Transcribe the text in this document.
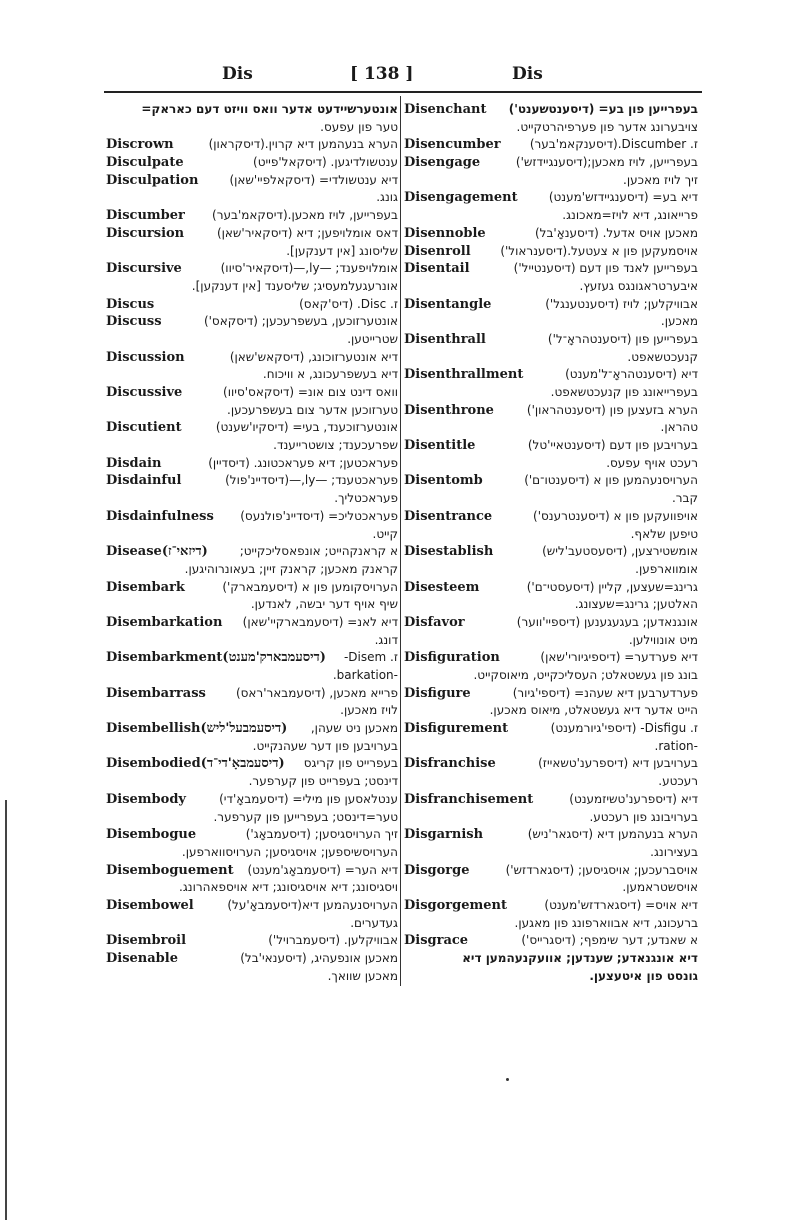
Dis	[ 138 ]	Dis
אונטערשיידעט אדער וואס וויזט דעם כאראק=
טער פון עפעס.
הערא בנעהמען דיא קרוין.(דיסקראון)
Discrown
ענטשולדיגען. (דיסקאל'פייט)
Disculpate
דיא ענטשולדי= (דיסקאלפיי'שאן)
Disculpation
גונג.
בעפרייען, לויז מאכען.(דיסקאמ'בער)
Discumber
דאס אומלויפען; דיא (דיסקאיר'שאן)
Discursion
שליסונג [אין דענקען].
אומלויפענד; —ly,—(דיסקאיר'סיוו)
Discursive
אונרעגעלמעסיג; שליסענד [אין דענקען].
ז. Disc. (דיס'קאס)
Discus
אונטערזוכען, בעשפרעכען; (דיסקאס')
Discuss
שטרייטען.
דיא אונטערזוכונג, (דיסקאש'שאן)
Discussion
דיא בעשפרעכונג, א וויכוח.
וואס דינט צום אונ= (דיסקאס'סיוו)
Discussive
טערזוכען אדער צום בעשפרעכען.
אונטערזוכענד, בעי= (דיסקיו'שענט)
Discutient
שפרעכענד; צושטרייענד.
פעראכטען; דיא פעראכטונג. (דיסדיין)
Disdain
פעראכטענד; —ly,—(דיסדיינ'פול)
Disdainful
פעראכטליך.
פעראכטליכ= (דיסדיינ'פולנעס)
Disdainfulness
קייט.
א קראנקהייט; אונפאסליכקייט;
Disease(דיזאי־ז)
קראנק מאכען; קראנק זיין; בעאונרוהיגען.
הערויסקומען פון א (דיסעמבארק')
Disembark
שיף אויף דער יבשה, לאנדען.
דיא לאנ= (דיסעמבארקיי'שאן)
Disembarkation
דונג.
ז. Disem-
Disembarkment(דיסעמבארק'מענט)
-barkation.
פרייא מאכען, (דיסעמבאר'ראס)
Disembarrass
לויז מאכען.
מאכען ניט שעהן,
Disembellish(דיסעמבעל'ליש)
בערויבען פון דער שעהנקייט.
בעפרייט פון קריגס
Disembodied(דיסעמבאָ'די־ד)
דינסט; בעפרייט פון קערפער.
ענטלאסען פון מילי= (דיסעמבאָ'די)
Disembody
טער=דינסט; בעפרייען פון קערפער.
זיך הערויסגיסען; (דיסעמבאָג')
Disembogue
הערויסשיספען; אויסגיסען; הערויסווארפען.
דיא הער= (דיסעמבאָג'מענט)
Disemboguement
ויסגיסונג; דיא אויסגיסונג; דיא אויספאהרונג.
הערויסנעהמען דיא(דיסעמבאָ'על)
Disembowel
געדערים.
אבוויקלען. (דיסעמברויל')
Disembroil
מאכען אונפעהיג, (דיסענאי'בל)
Disenable
מאכען שוואך.
בעפרייען פון בע= (דיסענטשענט')
Disenchant
צויבערונג אדער פון פערפיהרטקייט.
ז. Discumber.(דיסענקאמ'בער)
Disencumber
בעפרייען, לויז מאכען;(דיסענגיידזש')
Disengage
זיך לויז מאכען.
דיא בע= (דיסענגיידזש'מענט)
Disengagement
פרייאונג, דיא לויז=מאכונג.
מאכען אויס אדעל. (דיסענאָ'בל)
Disennoble
אויסמעקען פון א צעטעל.(דיסענראול')
Disenroll
בעפרייען לאנד פון דעם (דיסענטייל')
Disentail
איבערטראגונגס געזעץ.
אבוויקלען; לויז (דיסענטענגל')
Disentangle
מאכען.
בעפרייען פון (דיסענטהראָ־ל')
Disenthrall
קנעכטשאפט.
דיא (דיסענטהראָ־ל'מענט)
Disenthrallment
בעפרייאונג פון קנעכטשאפט.
הערא בזעצען פון (דיסענטהראון')
Disenthrone
טהראן.
בערויבען פון דעם (דיסענטאיי'טל)
Disentitle
רעכט אויף עפעס.
הערויסנעהמען פון א (דיסענטו־ם')
Disentomb
קבר.
אויפוועקען פון א (דיסענטרענס')
Disentrance
טיפען שלאף.
אומשטירצען, (דיסעסטעב'ליש)
Disestablish
אומווארפען.
גרינג=שעצען, קליין (דיסעסטי־ם')
Disesteem
האלטען; גרינג=שעצונג.
אונגנאדען; בעגעגענען (דיספיי'ווער)
Disfavor
מיט אונווילען.
דיא פערדער= (דיספיגיורי'שאן)
Disfiguration
בונג פון געשטאלט; העסליכקייט, מיאוסקייט.
פערדערבען דיא שעהנ= (דיספי'גיור)
Disfigure
הייט אדער דיא געשטאלט, מיאוס מאכען.
ז. Disfigu- (דיספי'גיורמענט)
Disfigurement
-ration.
בערויבען דיא (דיספרענ'טשאייז)
Disfranchise
רעכטע.
דיא (דיספרענ'טשיזמענט)
Disfranchisement
בערויבונג פון רעכטע.
הערא בנעהמען דיא (דיסגאר'ניש)
Disgarnish
בעצירונג.
אויסברעכען; אויסגיסען; (דיסגארדזש')
Disgorge
אויסשטראמען.
דיא אויס= (דיסגארדזש'מענט)
Disgorgement
ברעכונג, דיא אבווארפונג פון מאגען.
א שאנדע; דער שימפף; (דיסגרייס')
Disgrace
דיא אונגנאדע; שענדען; אוועקנעהמען דיא
גונסט פון איטעצען.
